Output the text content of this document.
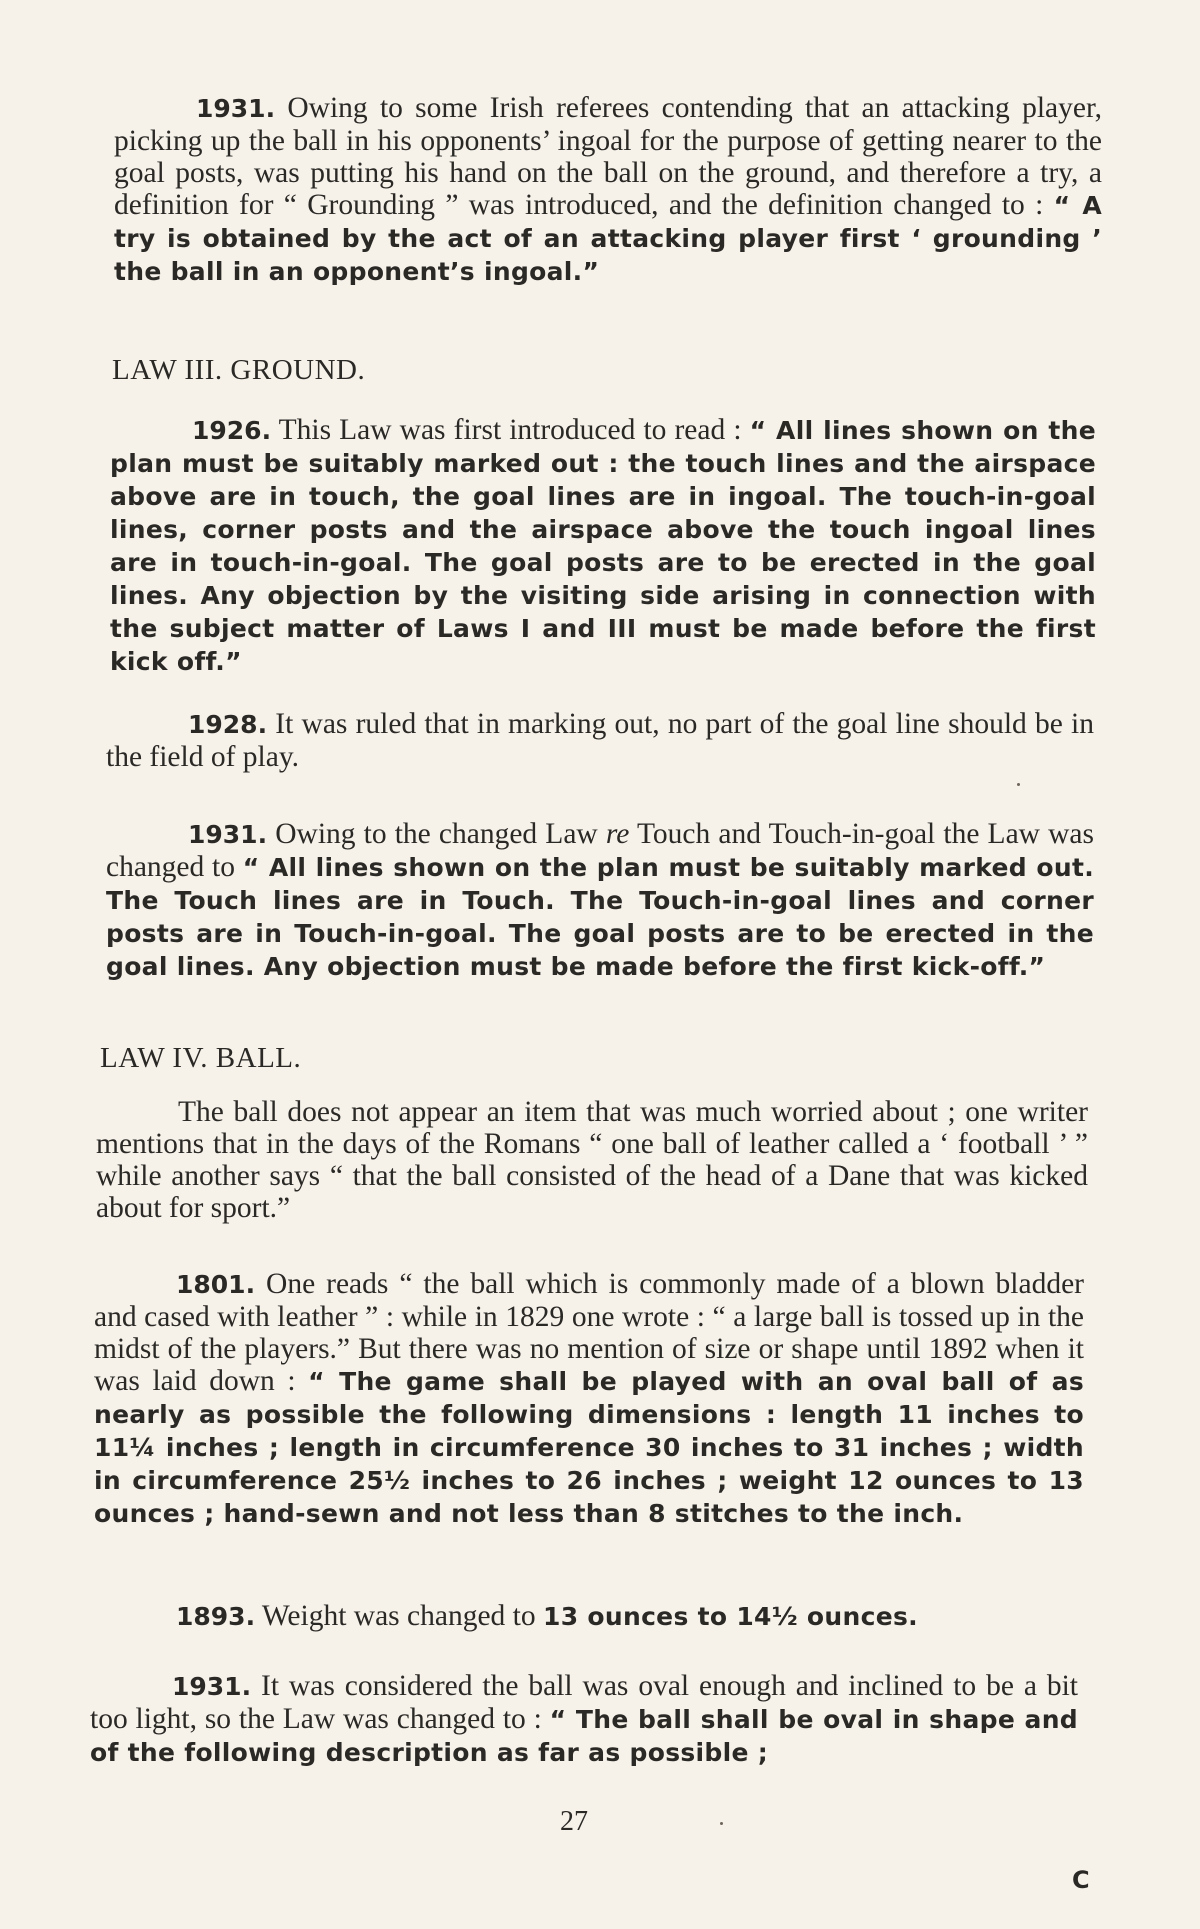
1931. Owing to some Irish referees contending that an attacking player, picking up the ball in his opponents’ ingoal for the purpose of getting nearer to the goal posts, was putting his hand on the ball on the ground, and therefore a try, a definition for “ Grounding ” was introduced, and the definition changed to : “ A try is obtained by the act of an attacking player first ‘ grounding ’ the ball in an opponent’s ingoal.”

LAW III. GROUND.

1926. This Law was first introduced to read : “ All lines shown on the plan must be suitably marked out : the touch lines and the airspace above are in touch, the goal lines are in ingoal. The touch-in-goal lines, corner posts and the airspace above the touch ingoal lines are in touch-in-goal. The goal posts are to be erected in the goal lines. Any objection by the visiting side arising in connection with the subject matter of Laws I and III must be made before the first kick off.”

1928. It was ruled that in marking out, no part of the goal line should be in the field of play.

1931. Owing to the changed Law re Touch and Touch-in-goal the Law was changed to “ All lines shown on the plan must be suitably marked out. The Touch lines are in Touch. The Touch-in-goal lines and corner posts are in Touch-in-goal. The goal posts are to be erected in the goal lines. Any objection must be made before the first kick-off.”

LAW IV. BALL.

The ball does not appear an item that was much worried about ; one writer mentions that in the days of the Romans “ one ball of leather called a ‘ football ’ ” while another says “ that the ball consisted of the head of a Dane that was kicked about for sport.”

1801. One reads “ the ball which is commonly made of a blown bladder and cased with leather ” : while in 1829 one wrote : “ a large ball is tossed up in the midst of the players.” But there was no mention of size or shape until 1892 when it was laid down : “ The game shall be played with an oval ball of as nearly as possible the following dimensions : length 11 inches to 11¼ inches ; length in circumference 30 inches to 31 inches ; width in circumference 25½ inches to 26 inches ; weight 12 ounces to 13 ounces ; hand-sewn and not less than 8 stitches to the inch.

1893. Weight was changed to 13 ounces to 14½ ounces.

1931. It was considered the ball was oval enough and inclined to be a bit too light, so the Law was changed to : “ The ball shall be oval in shape and of the following description as far as possible ;

27
C
